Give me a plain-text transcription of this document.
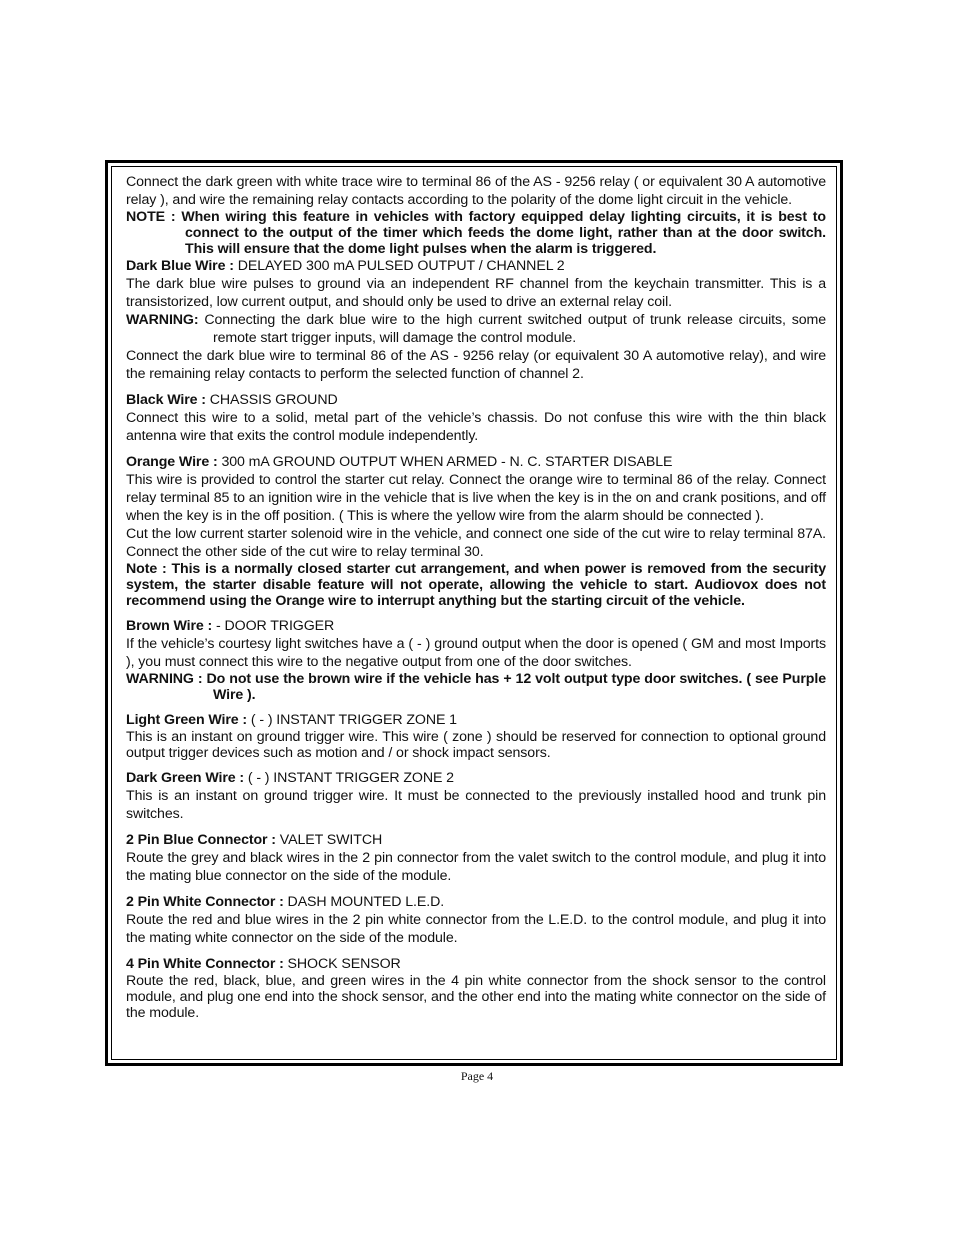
Connect the dark green with white trace wire to terminal 86 of the AS - 9256 relay ( or equivalent 30 A automotive relay ), and wire the remaining relay contacts according to the polarity of the dome light circuit in the vehicle.

NOTE : When wiring this feature in vehicles with factory equipped delay lighting circuits, it is best to connect to the output of the timer which feeds the dome light, rather than at the door switch. This will ensure that the dome light pulses when the alarm is triggered.

Dark Blue Wire : DELAYED 300 mA PULSED OUTPUT / CHANNEL 2

The dark blue wire pulses to ground via an independent RF channel from the keychain transmitter. This is a transistorized, low current output, and should only be used to drive an external relay coil.

WARNING: Connecting the dark blue wire to the high current switched output of trunk release circuits, some remote start trigger inputs, will damage the control module.

Connect the dark blue wire to terminal 86 of the AS - 9256 relay (or equivalent 30 A automotive relay), and wire the remaining relay contacts to perform the selected function of channel 2.

Black Wire : CHASSIS GROUND

Connect this wire to a solid, metal part of the vehicle’s chassis. Do not confuse this wire with the thin black antenna wire that exits the control module independently.

Orange Wire : 300 mA GROUND OUTPUT WHEN ARMED - N. C. STARTER DISABLE

This wire is provided to control the starter cut relay. Connect the orange wire to terminal 86 of the relay. Connect relay terminal 85 to an ignition wire in the vehicle that is live when the key is in the on and crank positions, and off when the key is in the off position. ( This is where the yellow wire from the alarm should be connected ).

Cut the low current starter solenoid wire in the vehicle, and connect one side of the cut wire to relay terminal 87A. Connect the other side of the cut wire to relay terminal 30.

Note : This is a normally closed starter cut arrangement, and when power is removed from the security system, the starter disable feature will not operate, allowing the vehicle to start. Audiovox does not recommend using the Orange wire to interrupt anything but the starting circuit of the vehicle.

Brown Wire : - DOOR TRIGGER

If the vehicle’s courtesy light switches have a ( - ) ground output when the door is opened ( GM and most Imports ), you must connect this wire to the negative output from one of the door switches.

WARNING : Do not use the brown wire if the vehicle has + 12 volt output type door switches. ( see Purple Wire ).

Light Green Wire : ( - ) INSTANT TRIGGER ZONE 1

This is an instant on ground trigger wire. This wire ( zone ) should be reserved for connection to optional ground output trigger devices such as motion and / or shock impact sensors.

Dark Green Wire : ( - ) INSTANT TRIGGER ZONE 2

This is an instant on ground trigger wire. It must be connected to the previously installed hood and trunk pin switches.

2 Pin Blue Connector : VALET SWITCH

Route the grey and black wires in the 2 pin connector from the valet switch to the control module, and plug it into the mating blue connector on the side of the module.

2 Pin White Connector : DASH MOUNTED L.E.D.

Route the red and blue wires in the 2 pin white connector from the L.E.D. to the control module, and plug it into the mating white connector on the side of the module.

4 Pin White Connector : SHOCK SENSOR

Route the red, black, blue, and green wires in the 4 pin white connector from the shock sensor to the control module, and plug one end into the shock sensor, and the other end into the mating white connector on the side of the module.

Page 4
